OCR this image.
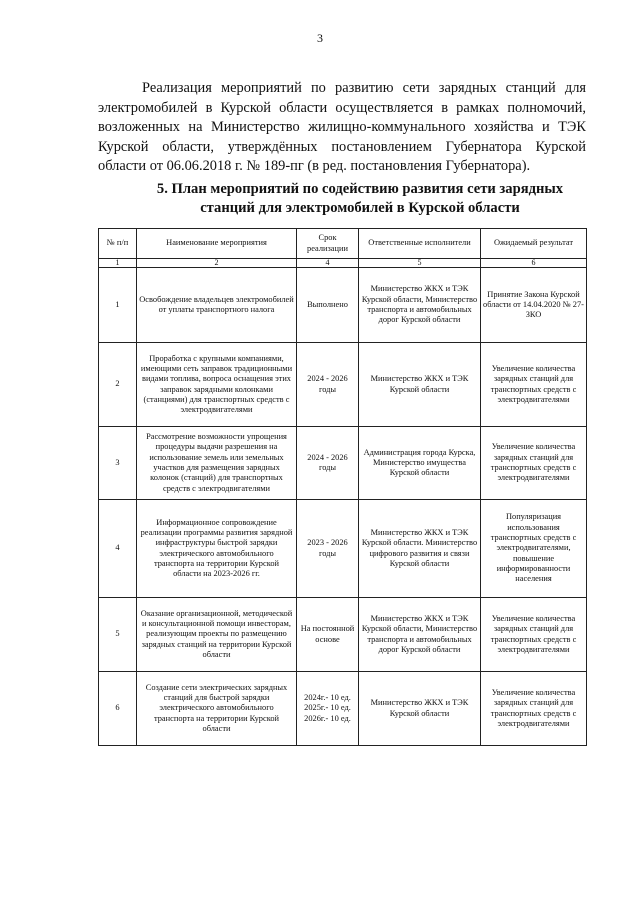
3

Реализация мероприятий по развитию сети зарядных станций для электромобилей в Курской области осуществляется в рамках полномочий, возложенных на Министерство жилищно-коммунального хозяйства и ТЭК Курской области, утверждённых постановлением Губернатора Курской области от 06.06.2018 г. № 189-пг (в ред. постановления Губернатора).

5. План мероприятий по содействию развития сети зарядных станций для электромобилей в Курской области
№ п/п	Наименование мероприятия	Срок реализации	Ответственные исполнители	Ожидаемый результат
1	2	4	5	6
1	Освобождение владельцев электромобилей от уплаты транспортного налога	Выполнено	Министерство ЖКХ и ТЭК Курской области, Министерство транспорта и автомобильных дорог Курской области	Принятие Закона Курской области от 14.04.2020 № 27-ЗКО
2	Проработка с крупными компаниями, имеющими сеть заправок традиционными видами топлива, вопроса оснащения этих заправок зарядными колонками (станциями) для транспортных средств с электродвигателями	2024 - 2026 годы	Министерство ЖКХ и ТЭК Курской области	Увеличение количества зарядных станций для транспортных средств с электродвигателями
3	Рассмотрение возможности упрощения процедуры выдачи разрешения на использование земель или земельных участков для размещения зарядных колонок (станций) для транспортных средств с электродвигателями	2024 - 2026 годы	Администрация города Курска, Министерство имущества Курской области	Увеличение количества зарядных станций для транспортных средств с электродвигателями
4	Информационное сопровождение реализации программы развития зарядной инфраструктуры быстрой зарядки электрического автомобильного транспорта на территории Курской области на 2023-2026 гг.	2023 - 2026 годы	Министерство ЖКХ и ТЭК Курской области. Министерство цифрового развития и связи Курской области	Популяризация использования транспортных средств с электродвигателями, повышение информированности населения
5	Оказание организационной, методической и консультационной помощи инвесторам, реализующим проекты по размещению зарядных станций на территории Курской области	На постоянной основе	Министерство ЖКХ и ТЭК Курской области, Министерство транспорта и автомобильных дорог Курской области	Увеличение количества зарядных станций для транспортных средств с электродвигателями
6	Создание сети электрических зарядных станций для быстрой зарядки электрического автомобильного транспорта на территории Курской области	2024г.- 10 ед. 2025г.- 10 ед. 2026г.- 10 ед.	Министерство ЖКХ и ТЭК Курской области	Увеличение количества зарядных станций для транспортных средств с электродвигателями
